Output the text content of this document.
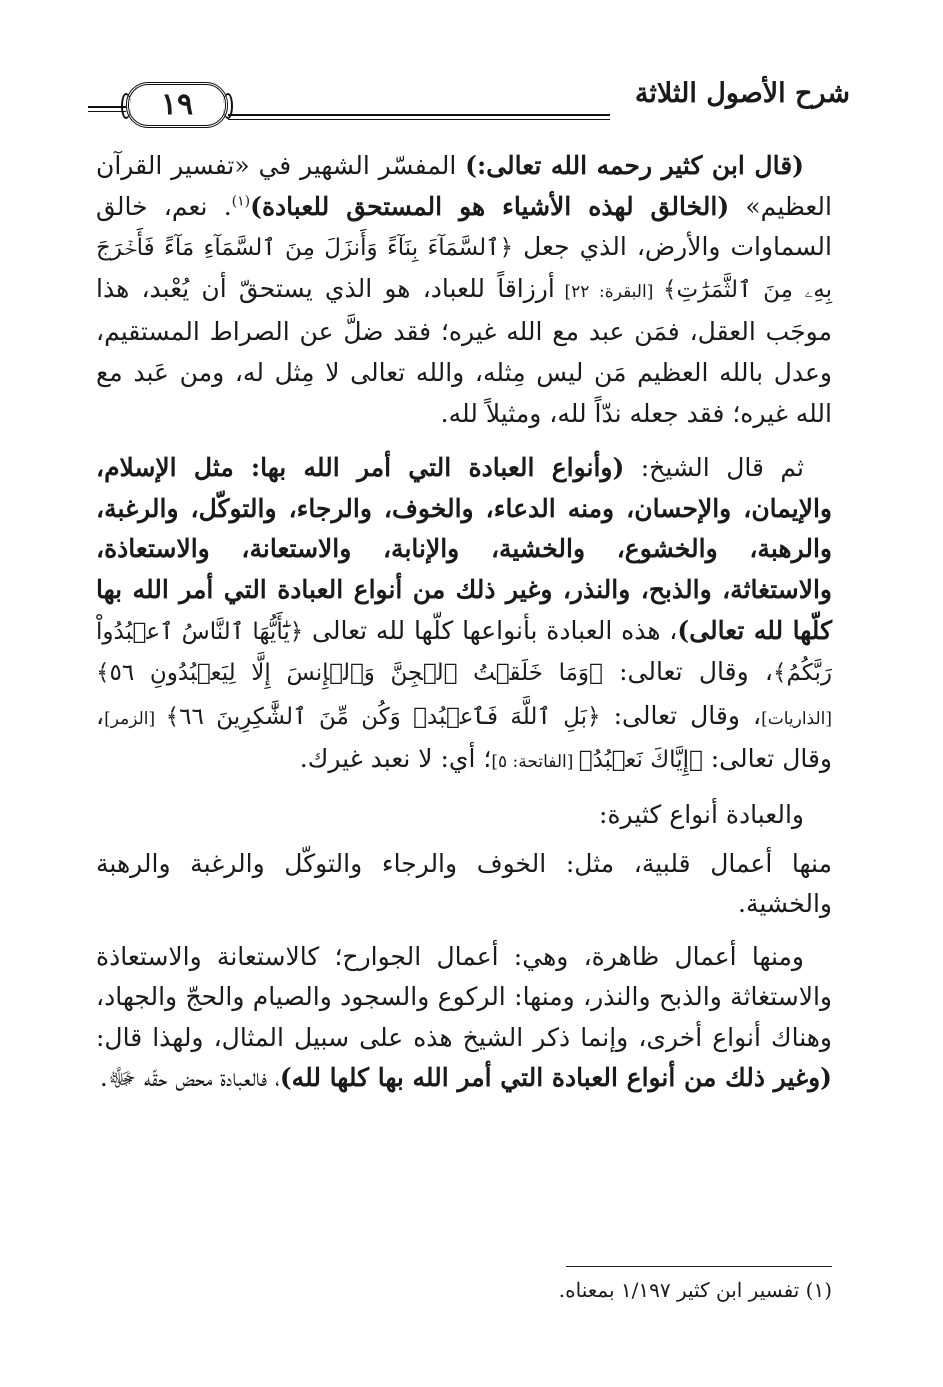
شرح الأصول الثلاثة
١٩

(قال ابن كثير رحمه الله تعالى:) المفسّر الشهير في «تفسير القرآن العظيم» (الخالق لهذه الأشياء هو المستحق للعبادة)$^{(١)}$. نعم، خالق السماوات والأرض، الذي جعل ﴿ٱلسَّمَآءَ بِنَآءً وَأَنزَلَ مِنَ ٱلسَّمَآءِ مَآءً فَأَخۡرَجَ بِهِۦ مِنَ ٱلثَّمَرَٰتِ﴾ [البقرة: ٢٢] أرزاقاً للعباد، هو الذي يستحقّ أن يُعْبد، هذا موجَب العقل، فمَن عبد مع الله غيره؛ فقد ضلَّ عن الصراط المستقيم، وعدل بالله العظيم مَن ليس مِثله، والله تعالى لا مِثل له، ومن عَبد مع الله غيره؛ فقد جعله ندّاً لله، ومثيلاً لله.

ثم قال الشيخ: (وأنواع العبادة التي أمر الله بها: مثل الإسلام، والإيمان، والإحسان، ومنه الدعاء، والخوف، والرجاء، والتوكّل، والرغبة، والرهبة، والخشوع، والخشية، والإنابة، والاستعانة، والاستعاذة، والاستغاثة، والذبح، والنذر، وغير ذلك من أنواع العبادة التي أمر الله بها كلّها لله تعالى)، هذه العبادة بأنواعها كلّها لله تعالى ﴿يَٰٓأَيُّهَا ٱلنَّاسُ ٱعۡبُدُواْ رَبَّكُمُ﴾، وقال تعالى: ﴿وَمَا خَلَقۡتُ ٱلۡجِنَّ وَٱلۡإِنسَ إِلَّا لِيَعۡبُدُونِ ٥٦﴾ [الذاريات]، وقال تعالى: ﴿بَلِ ٱللَّهَ فَٱعۡبُدۡ وَكُن مِّنَ ٱلشَّٰكِرِينَ ٦٦﴾ [الزمر]، وقال تعالى: ﴿إِيَّاكَ نَعۡبُدُ﴾ [الفاتحة: ٥]؛ أي: لا نعبد غيرك.

والعبادة أنواع كثيرة:

منها أعمال قلبية، مثل: الخوف والرجاء والتوكّل والرغبة والرهبة والخشية.

ومنها أعمال ظاهرة، وهي: أعمال الجوارح؛ كالاستعانة والاستعاذة والاستغاثة والذبح والنذر، ومنها: الركوع والسجود والصيام والحجّ والجهاد، وهناك أنواع أخرى، وإنما ذكر الشيخ هذه على سبيل المثال، ولهذا قال: (وغير ذلك من أنواع العبادة التي أمر الله بها كلها لله)، فالعبادة محض حقّه ﷻ.

(١) تفسير ابن كثير ١/١٩٧ بمعناه.
